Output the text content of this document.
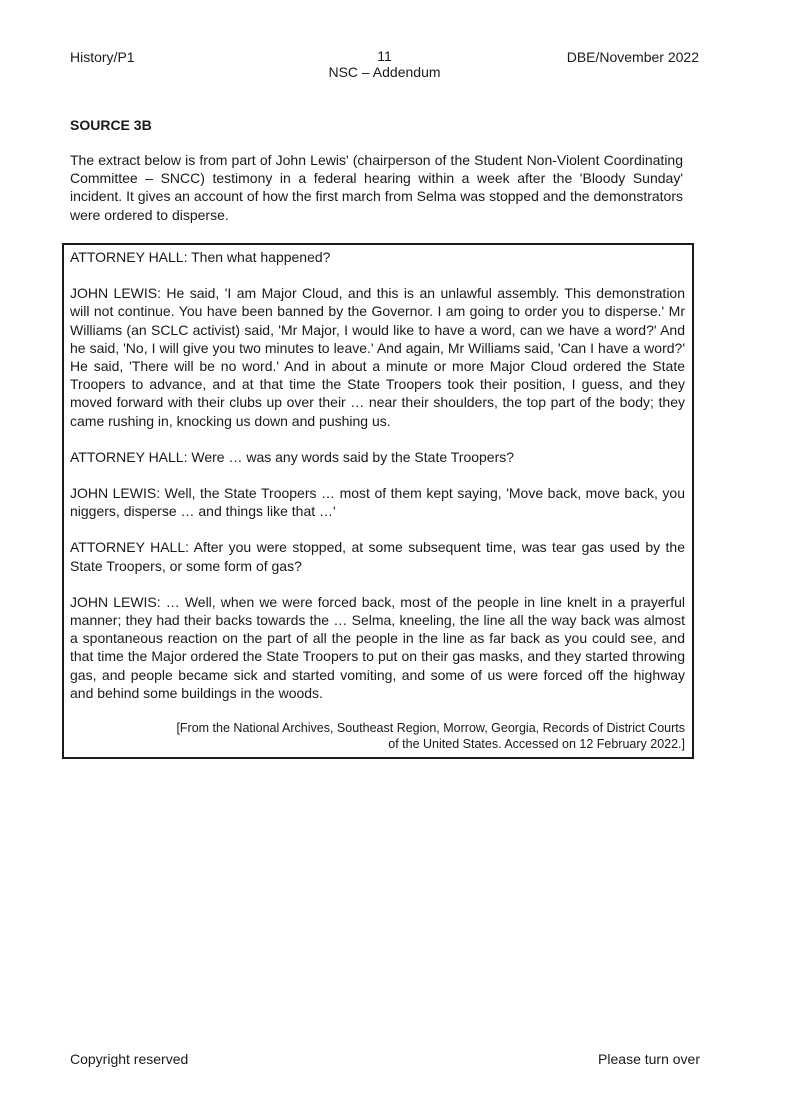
History/P1	11
NSC – Addendum
DBE/November 2022
SOURCE 3B

The extract below is from part of John Lewis' (chairperson of the Student Non-Violent Coordinating Committee – SNCC) testimony in a federal hearing within a week after the 'Bloody Sunday' incident. It gives an account of how the first march from Selma was stopped and the demonstrators were ordered to disperse.

ATTORNEY HALL: Then what happened?
JOHN LEWIS: He said, 'I am Major Cloud, and this is an unlawful assembly. This demonstration will not continue. You have been banned by the Governor. I am going to order you to disperse.' Mr Williams (an SCLC activist) said, 'Mr Major, I would like to have a word, can we have a word?' And he said, 'No, I will give you two minutes to leave.' And again, Mr Williams said, 'Can I have a word?' He said, 'There will be no word.' And in about a minute or more Major Cloud ordered the State Troopers to advance, and at that time the State Troopers took their position, I guess, and they moved forward with their clubs up over their … near their shoulders, the top part of the body; they came rushing in, knocking us down and pushing us.
ATTORNEY HALL: Were … was any words said by the State Troopers?
JOHN LEWIS: Well, the State Troopers … most of them kept saying, 'Move back, move back, you niggers, disperse … and things like that …'
ATTORNEY HALL: After you were stopped, at some subsequent time, was tear gas used by the State Troopers, or some form of gas?
JOHN LEWIS: … Well, when we were forced back, most of the people in line knelt in a prayerful manner; they had their backs towards the … Selma, kneeling, the line all the way back was almost a spontaneous reaction on the part of all the people in the line as far back as you could see, and that time the Major ordered the State Troopers to put on their gas masks, and they started throwing gas, and people became sick and started vomiting, and some of us were forced off the highway and behind some buildings in the woods.
[From the National Archives, Southeast Region, Morrow, Georgia, Records of District Courts
of the United States. Accessed on 12 February 2022.]
Copyright reserved	Please turn over
